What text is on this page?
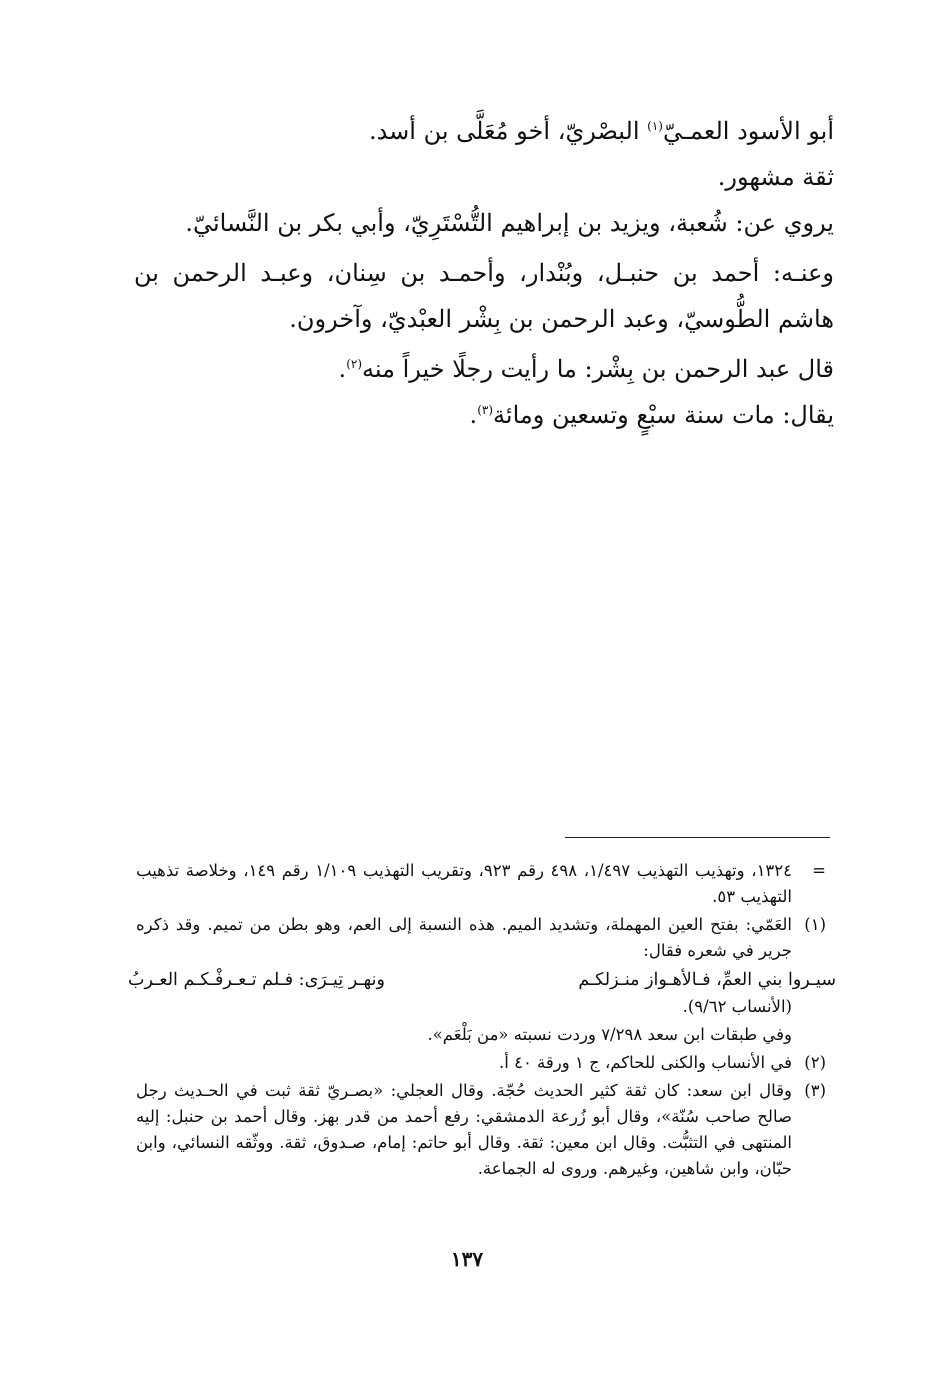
أبو الأسود العمـيّ$^{(١)}$ البصْريّ، أخو مُعَلَّى بن أسد.

ثقة مشهور.

يروي عن: شُعبة، ويزيد بن إبراهيم التُّسْتَرِيّ، وأبي بكر بن النَّسائيّ.

وعنـه: أحمد بن حنبـل، وبُنْدار، وأحمـد بن سِنان، وعبـد الرحمن بن هاشم الطُّوسيّ، وعبد الرحمن بن بِشْر العبْديّ، وآخرون.

قال عبد الرحمن بن بِشْر: ما رأيت رجلًا خيراً منه$^{(٢)}$.

يقال: مات سنة سبْعٍ وتسعين ومائة$^{(٣)}$.

=
١٣٢٤، وتهذيب التهذيب ١/٤٩٧، ٤٩٨ رقم ٩٢٣، وتقريب التهذيب ١/١٠٩ رقم ١٤٩، وخلاصة تذهيب التهذيب ٥٣.
(١)
العَمّي: بفتح العين المهملة، وتشديد الميم. هذه النسبة إلى العم، وهو بطن من تميم. وقد ذكره جرير في شعره فقال:
سيـروا بني العمِّ، فـالأهـواز منـزلكـم
ونهـر تِيـرَى: فـلم تـعـرفْـكـم العـربُ
(الأنساب ٩/٦٢).
وفي طبقات ابن سعد ٧/٢٩٨ وردت نسبته «من بَلْعَم».
(٢)
في الأنساب والكنى للحاكم، ج ١ ورقة ٤٠ أ.
(٣)
وقال ابن سعد: كان ثقة كثير الحديث حُجّة. وقال العجلي: «بصـريّ ثقة ثبت في الحـديث رجل صالح صاحب سُنّة»، وقال أبو زُرعة الدمشقي: رفع أحمد من قدر بهز. وقال أحمد بن حنبل: إليه المنتهى في التثبُّت. وقال ابن معين: ثقة. وقال أبو حاتم: إمام، صـدوق، ثقة. ووثّقه النسائي، وابن حبّان، وابن شاهين، وغيرهم. وروى له الجماعة.
١٣٧
